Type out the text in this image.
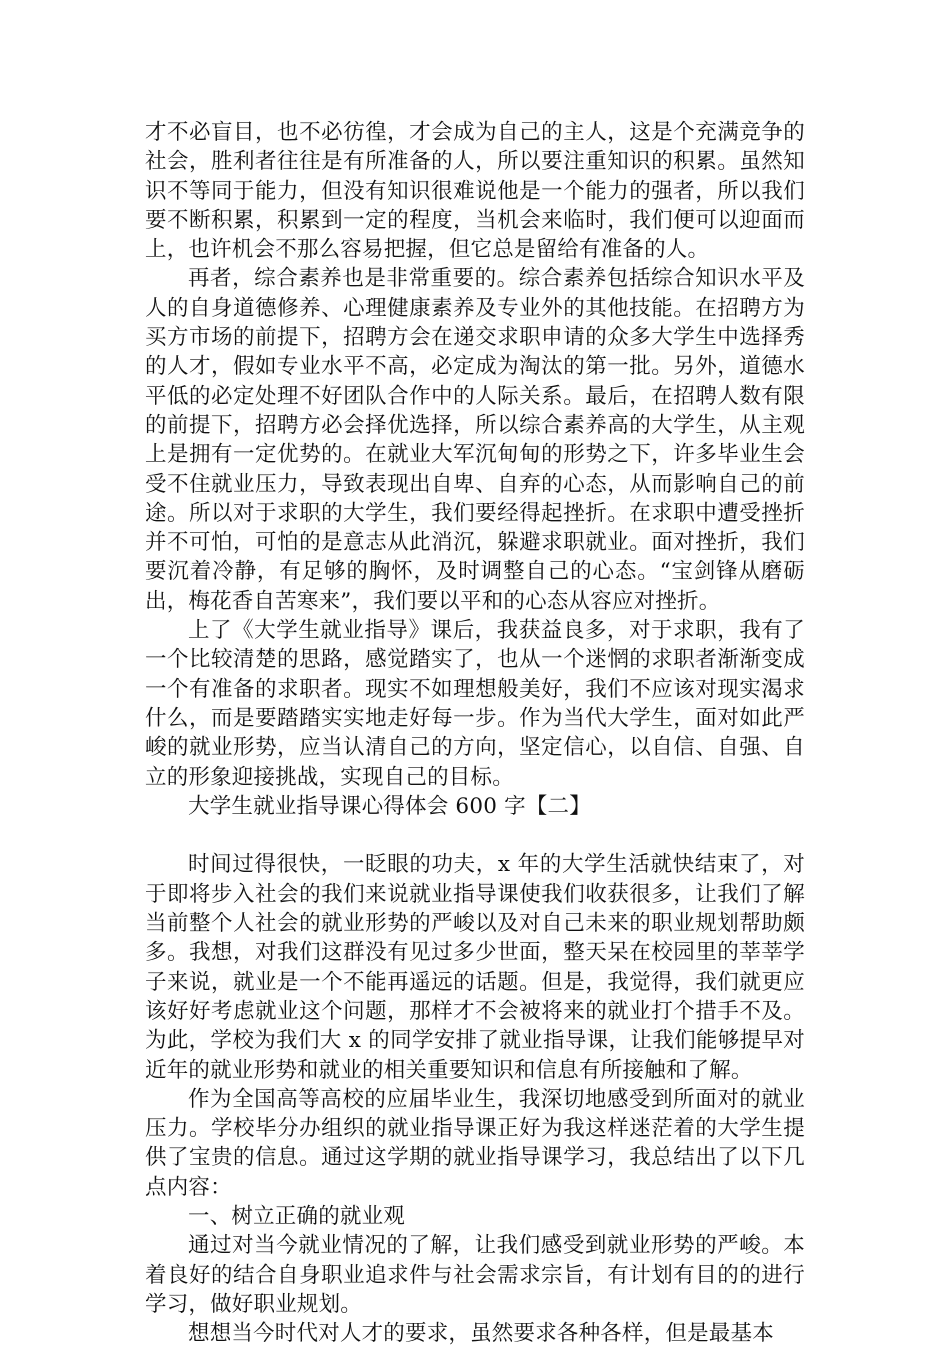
才不必盲目，也不必彷徨，才会成为自己的主人，这是个充满竞争的社会，胜利者往往是有所准备的人，所以要注重知识的积累。虽然知识不等同于能力，但没有知识很难说他是一个能力的强者，所以我们要不断积累，积累到一定的程度，当机会来临时，我们便可以迎面而上，也许机会不那么容易把握，但它总是留给有准备的人。

再者，综合素养也是非常重要的。综合素养包括综合知识水平及人的自身道德修养、心理健康素养及专业外的其他技能。在招聘方为买方市场的前提下，招聘方会在递交求职申请的众多大学生中选择秀的人才，假如专业水平不高，必定成为淘汰的第一批。另外，道德水平低的必定处理不好团队合作中的人际关系。最后，在招聘人数有限的前提下，招聘方必会择优选择，所以综合素养高的大学生，从主观上是拥有一定优势的。在就业大军沉甸甸的形势之下，许多毕业生会受不住就业压力，导致表现出自卑、自弃的心态，从而影响自己的前途。所以对于求职的大学生，我们要经得起挫折。在求职中遭受挫折并不可怕，可怕的是意志从此消沉，躲避求职就业。面对挫折，我们要沉着冷静，有足够的胸怀，及时调整自己的心态。“宝剑锋从磨砺出，梅花香自苦寒来”，我们要以平和的心态从容应对挫折。

上了《大学生就业指导》课后，我获益良多，对于求职，我有了一个比较清楚的思路，感觉踏实了，也从一个迷惘的求职者渐渐变成一个有准备的求职者。现实不如理想般美好，我们不应该对现实渴求什么，而是要踏踏实实地走好每一步。作为当代大学生，面对如此严峻的就业形势，应当认清自己的方向，坚定信心，以自信、自强、自立的形象迎接挑战，实现自己的目标。

大学生就业指导课心得体会 600 字【二】

时间过得很快，一眨眼的功夫，x 年的大学生活就快结束了，对于即将步入社会的我们来说就业指导课使我们收获很多，让我们了解当前整个人社会的就业形势的严峻以及对自己未来的职业规划帮助颇多。我想，对我们这群没有见过多少世面，整天呆在校园里的莘莘学子来说，就业是一个不能再遥远的话题。但是，我觉得，我们就更应该好好考虑就业这个问题，那样才不会被将来的就业打个措手不及。为此，学校为我们大 x 的同学安排了就业指导课，让我们能够提早对近年的就业形势和就业的相关重要知识和信息有所接触和了解。

作为全国高等高校的应届毕业生，我深切地感受到所面对的就业压力。学校毕分办组织的就业指导课正好为我这样迷茫着的大学生提供了宝贵的信息。通过这学期的就业指导课学习，我总结出了以下几点内容：

一、树立正确的就业观

通过对当今就业情况的了解，让我们感受到就业形势的严峻。本着良好的结合自身职业追求件与社会需求宗旨，有计划有目的的进行学习，做好职业规划。

想想当今时代对人才的要求，虽然要求各种各样，但是最基本
